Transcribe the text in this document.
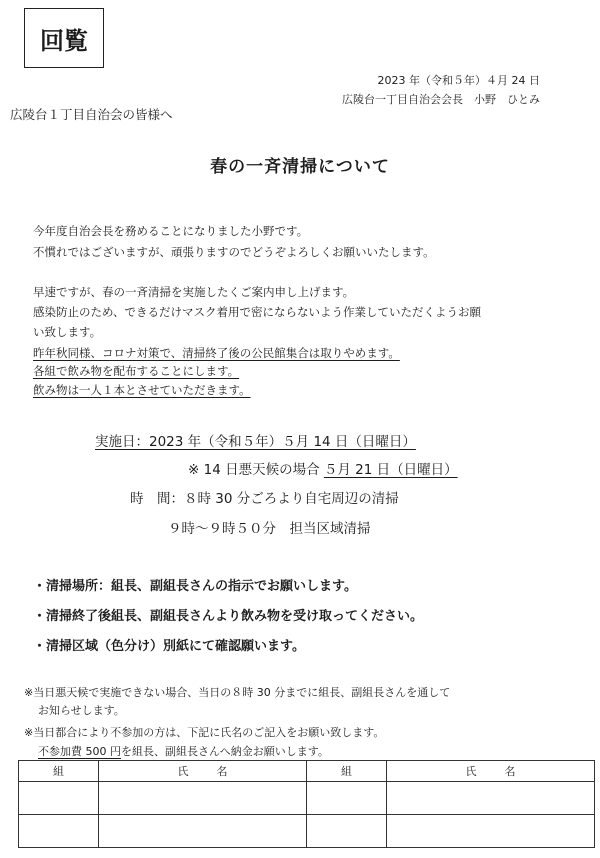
回覧
2023 年（令和５年）４月 24 日
広陵台一丁目自治会会長　小野　ひとみ
広陵台１丁目自治会の皆様へ
春の一斉清掃について
今年度自治会長を務めることになりました小野です。
不慣れではございますが、頑張りますのでどうぞよろしくお願いいたします。
早速ですが、春の一斉清掃を実施したくご案内申し上げます。
感染防止のため、できるだけマスク着用で密にならないよう作業していただくようお願
い致します。
昨年秋同様、コロナ対策で、清掃終了後の公民館集合は取りやめます。
各組で飲み物を配布することにします。
飲み物は一人１本とさせていただきます。
実施日：2023 年（令和５年）５月 14 日（日曜日）
※ 14 日悪天候の場合 ５月 21 日（日曜日）
時　間：８時 30 分ごろより自宅周辺の清掃
９時～９時５０分　担当区域清掃
・清掃場所：組長、副組長さんの指示でお願いします。
・清掃終了後組長、副組長さんより飲み物を受け取ってください。
・清掃区域（色分け）別紙にて確認願います。
※当日悪天候で実施できない場合、当日の８時 30 分までに組長、副組長さんを通して
お知らせします。
※当日都合により不参加の方は、下記に氏名のご記入をお願い致します。
不参加費 500 円を組長、副組長さんへ納金お願いします。
組	氏名	組	氏名
